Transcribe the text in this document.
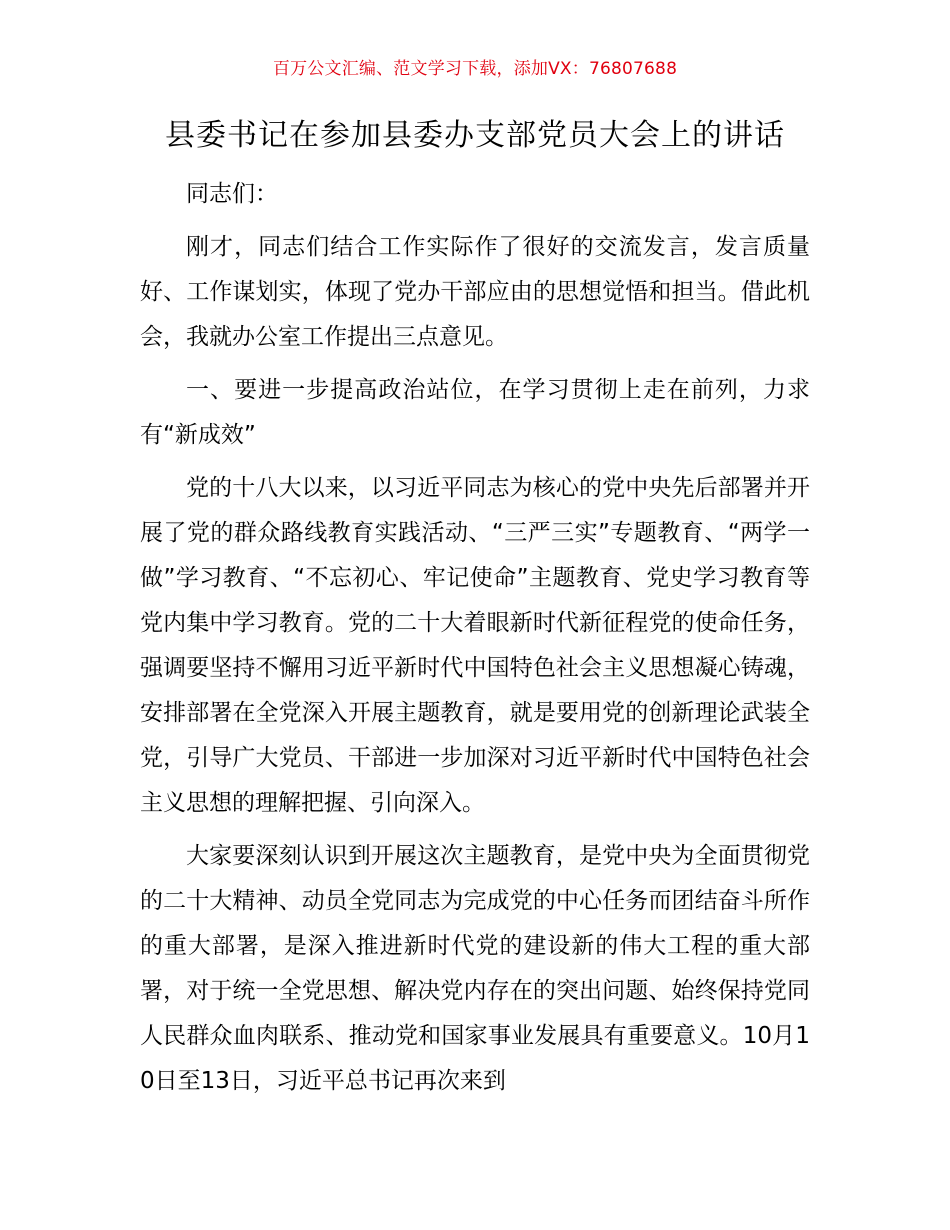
百万公文汇编、范文学习下载，添加VX：76807688
县委书记在参加县委办支部党员大会上的讲话

同志们：

刚才，同志们结合工作实际作了很好的交流发言，发言质量好、工作谋划实，体现了党办干部应由的思想觉悟和担当。借此机会，我就办公室工作提出三点意见。

一、要进一步提高政治站位，在学习贯彻上走在前列，力求有“新成效”

党的十八大以来，以习近平同志为核心的党中央先后部署并开展了党的群众路线教育实践活动、“三严三实”专题教育、“两学一做”学习教育、“不忘初心、牢记使命”主题教育、党史学习教育等党内集中学习教育。党的二十大着眼新时代新征程党的使命任务，强调要坚持不懈用习近平新时代中国特色社会主义思想凝心铸魂，安排部署在全党深入开展主题教育，就是要用党的创新理论武装全党，引导广大党员、干部进一步加深对习近平新时代中国特色社会主义思想的理解把握、引向深入。

大家要深刻认识到开展这次主题教育，是党中央为全面贯彻党的二十大精神、动员全党同志为完成党的中心任务而团结奋斗所作的重大部署，是深入推进新时代党的建设新的伟大工程的重大部署，对于统一全党思想、解决党内存在的突出问题、始终保持党同人民群众血肉联系、推动党和国家事业发展具有重要意义。10月10日至13日，习近平总书记再次来到
